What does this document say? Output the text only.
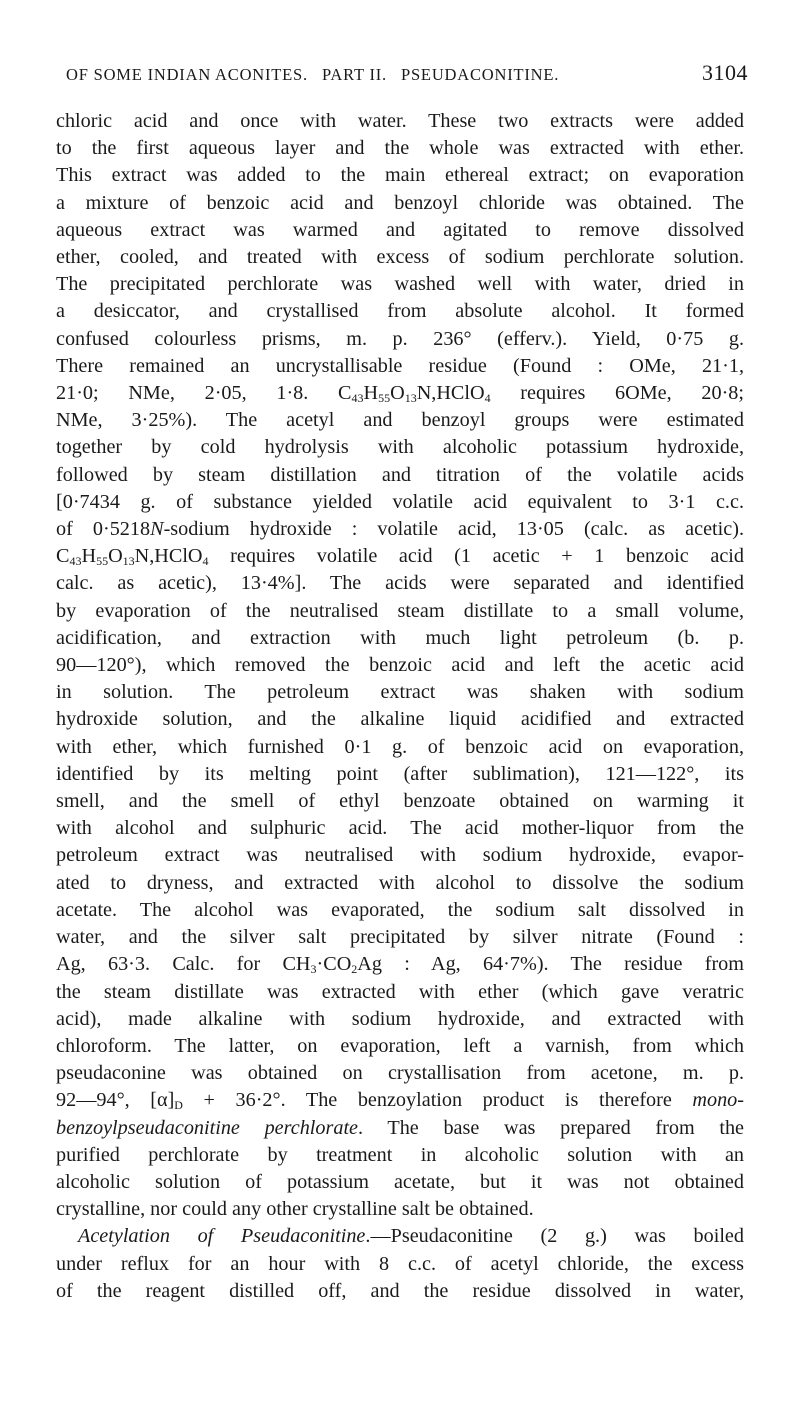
OF SOME INDIAN ACONITES. PART II. PSEUDACONITINE.	3104
chloric acid and once with water. These two extracts were added
to the first aqueous layer and the whole was extracted with ether.
This extract was added to the main ethereal extract; on evaporation
a mixture of benzoic acid and benzoyl chloride was obtained. The
aqueous extract was warmed and agitated to remove dissolved
ether, cooled, and treated with excess of sodium perchlorate solution.
The precipitated perchlorate was washed well with water, dried in
a desiccator, and crystallised from absolute alcohol. It formed
confused colourless prisms, m. p. 236° (efferv.). Yield, 0·75 g.
There remained an uncrystallisable residue (Found : OMe, 21·1,
21·0; NMe, 2·05, 1·8. $C_{43}H_{55}O_{13}N,HClO_4$ requires 6OMe, 20·8;
NMe, 3·25%). The acetyl and benzoyl groups were estimated
together by cold hydrolysis with alcoholic potassium hydroxide,
followed by steam distillation and titration of the volatile acids
[0·7434 g. of substance yielded volatile acid equivalent to 3·1 c.c.
of 0·5218N-sodium hydroxide : volatile acid, 13·05 (calc. as acetic).
$C_{43}H_{55}O_{13}N,HClO_4$ requires volatile acid (1 acetic + 1 benzoic acid
calc. as acetic), 13·4%]. The acids were separated and identified
by evaporation of the neutralised steam distillate to a small volume,
acidification, and extraction with much light petroleum (b. p.
90—120°), which removed the benzoic acid and left the acetic acid
in solution. The petroleum extract was shaken with sodium
hydroxide solution, and the alkaline liquid acidified and extracted
with ether, which furnished 0·1 g. of benzoic acid on evaporation,
identified by its melting point (after sublimation), 121—122°, its
smell, and the smell of ethyl benzoate obtained on warming it
with alcohol and sulphuric acid. The acid mother-liquor from the
petroleum extract was neutralised with sodium hydroxide, evapor-
ated to dryness, and extracted with alcohol to dissolve the sodium
acetate. The alcohol was evaporated, the sodium salt dissolved in
water, and the silver salt precipitated by silver nitrate (Found :
Ag, 63·3. Calc. for $CH_3\cdot CO_2Ag$ : Ag, 64·7%). The residue from
the steam distillate was extracted with ether (which gave veratric
acid), made alkaline with sodium hydroxide, and extracted with
chloroform. The latter, on evaporation, left a varnish, from which
pseudaconine was obtained on crystallisation from acetone, m. p.
92—94°, $[\alpha]_D + 36\cdot 2^\circ$. The benzoylation product is therefore mono-
benzoylpseudaconitine perchlorate. The base was prepared from the
purified perchlorate by treatment in alcoholic solution with an
alcoholic solution of potassium acetate, but it was not obtained
crystalline, nor could any other crystalline salt be obtained.
Acetylation of Pseudaconitine.—Pseudaconitine (2 g.) was boiled
under reflux for an hour with 8 c.c. of acetyl chloride, the excess
of the reagent distilled off, and the residue dissolved in water,
